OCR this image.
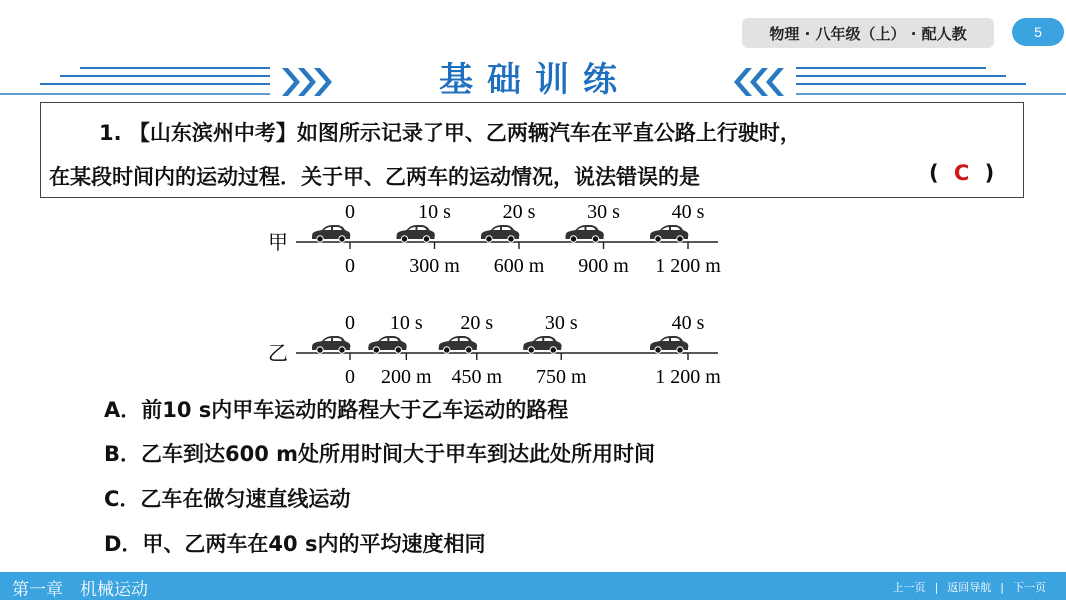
物理 · 八年级（上） · 配人教	5
基础训练
1. 【山东滨州中考】如图所示记录了甲、乙两辆汽车在平直公路上行驶时，
在某段时间内的运动过程．关于甲、乙两车的运动情况，说法错误的是	( C )
甲
0
0
10 s
300 m
20 s
600 m
30 s
900 m
40 s
1 200 m
乙
0
0
10 s
200 m
20 s
450 m
30 s
750 m
40 s
1 200 m
A．前10 s内甲车运动的路程大于乙车运动的路程
B．乙车到达600 m处所用时间大于甲车到达此处所用时间
C．乙车在做匀速直线运动
D．甲、乙两车在40 s内的平均速度相同
第一章　机械运动	上一页 | 返回导航 | 下一页
